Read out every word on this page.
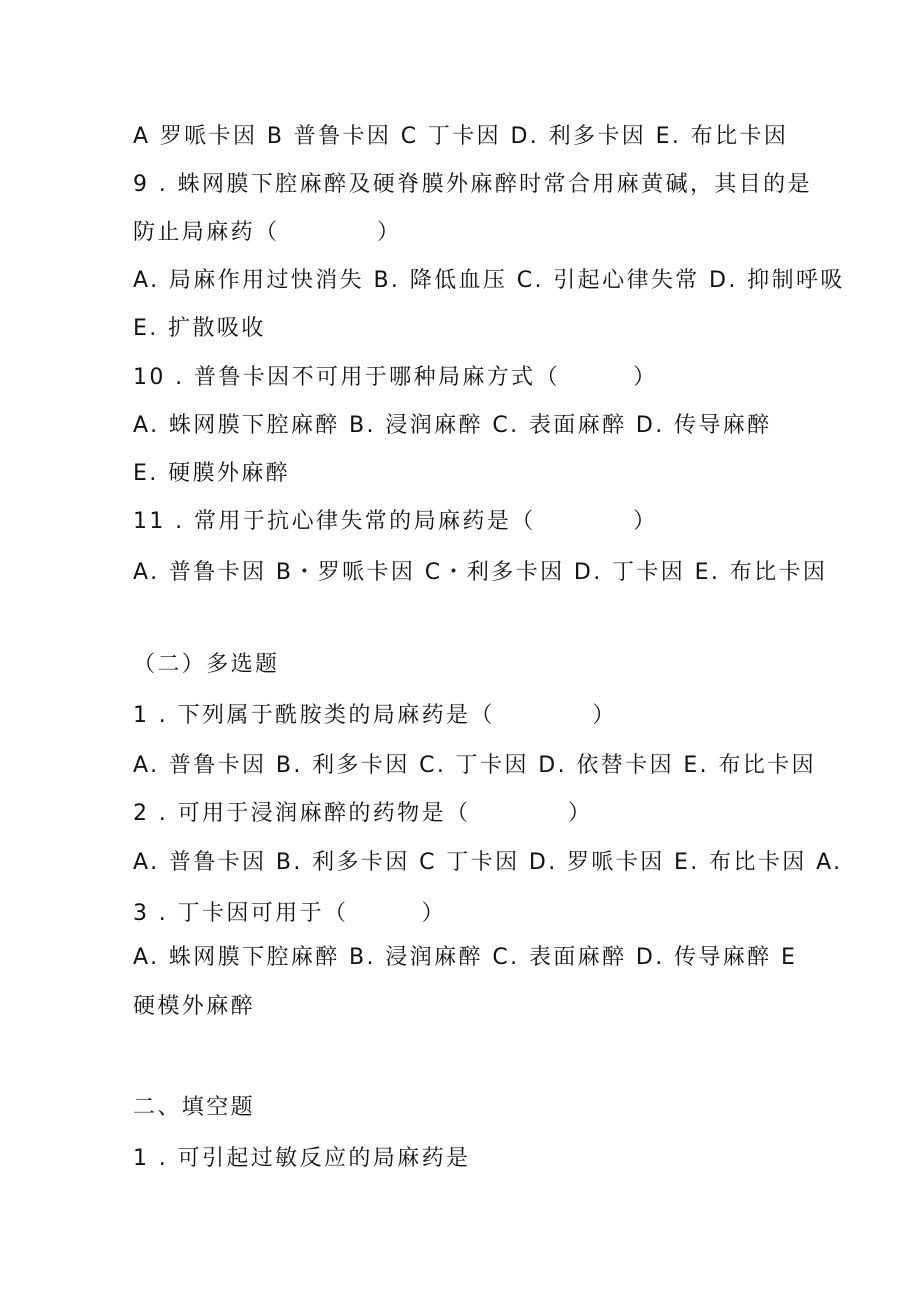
A 罗哌卡因 B 普鲁卡因 C 丁卡因 D. 利多卡因 E. 布比卡因
9 . 蛛网膜下腔麻醉及硬脊膜外麻醉时常合用麻黄碱，其目的是
防止局麻药（　　　　）
A. 局麻作用过快消失 B. 降低血压 C. 引起心律失常 D. 抑制呼吸
E. 扩散吸收
10 . 普鲁卡因不可用于哪种局麻方式（　　　）
A. 蛛网膜下腔麻醉 B. 浸润麻醉 C. 表面麻醉 D. 传导麻醉
E. 硬膜外麻醉
11 . 常用于抗心律失常的局麻药是（　　　　）
A. 普鲁卡因 B・罗哌卡因 C・利多卡因 D. 丁卡因 E. 布比卡因
（二）多选题
1 . 下列属于酰胺类的局麻药是（　　　　）
A. 普鲁卡因 B. 利多卡因 C. 丁卡因 D. 依替卡因 E. 布比卡因
2 . 可用于浸润麻醉的药物是（　　　　）
A. 普鲁卡因 B. 利多卡因 C 丁卡因 D. 罗哌卡因 E. 布比卡因 A.
3 . 丁卡因可用于（　　　）
A. 蛛网膜下腔麻醉 B. 浸润麻醉 C. 表面麻醉 D. 传导麻醉 E
硬模外麻醉
二、填空题
1 . 可引起过敏反应的局麻药是
